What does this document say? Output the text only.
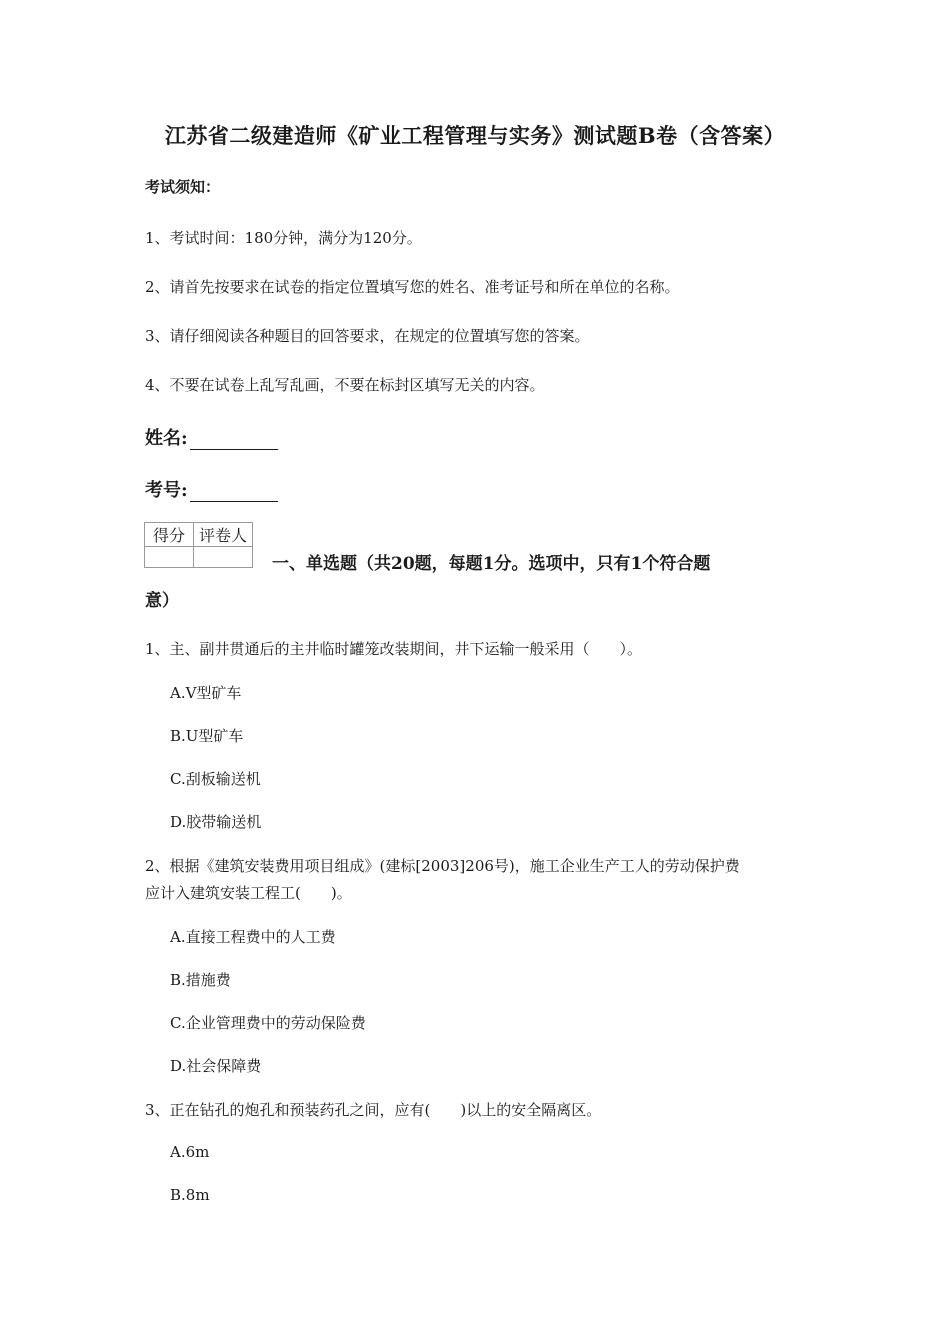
江苏省二级建造师《矿业工程管理与实务》测试题B卷（含答案）
考试须知：
1、考试时间：180分钟，满分为120分。
2、请首先按要求在试卷的指定位置填写您的姓名、准考证号和所在单位的名称。
3、请仔细阅读各种题目的回答要求，在规定的位置填写您的答案。
4、不要在试卷上乱写乱画，不要在标封区填写无关的内容。
姓名:
考号:
得分	评卷人

一、单选题（共20题，每题1分。选项中，只有1个符合题
意）
1、主、副井贯通后的主井临时罐笼改装期间，井下运输一般采用（　　）。
A.V型矿车
B.U型矿车
C.刮板输送机
D.胶带输送机
2、根据《建筑安装费用项目组成》(建标[2003]206号)，施工企业生产工人的劳动保护费
应计入建筑安装工程工(　　)。
A.直接工程费中的人工费
B.措施费
C.企业管理费中的劳动保险费
D.社会保障费
3、正在钻孔的炮孔和预装药孔之间，应有(　　)以上的安全隔离区。
A.6m
B.8m
